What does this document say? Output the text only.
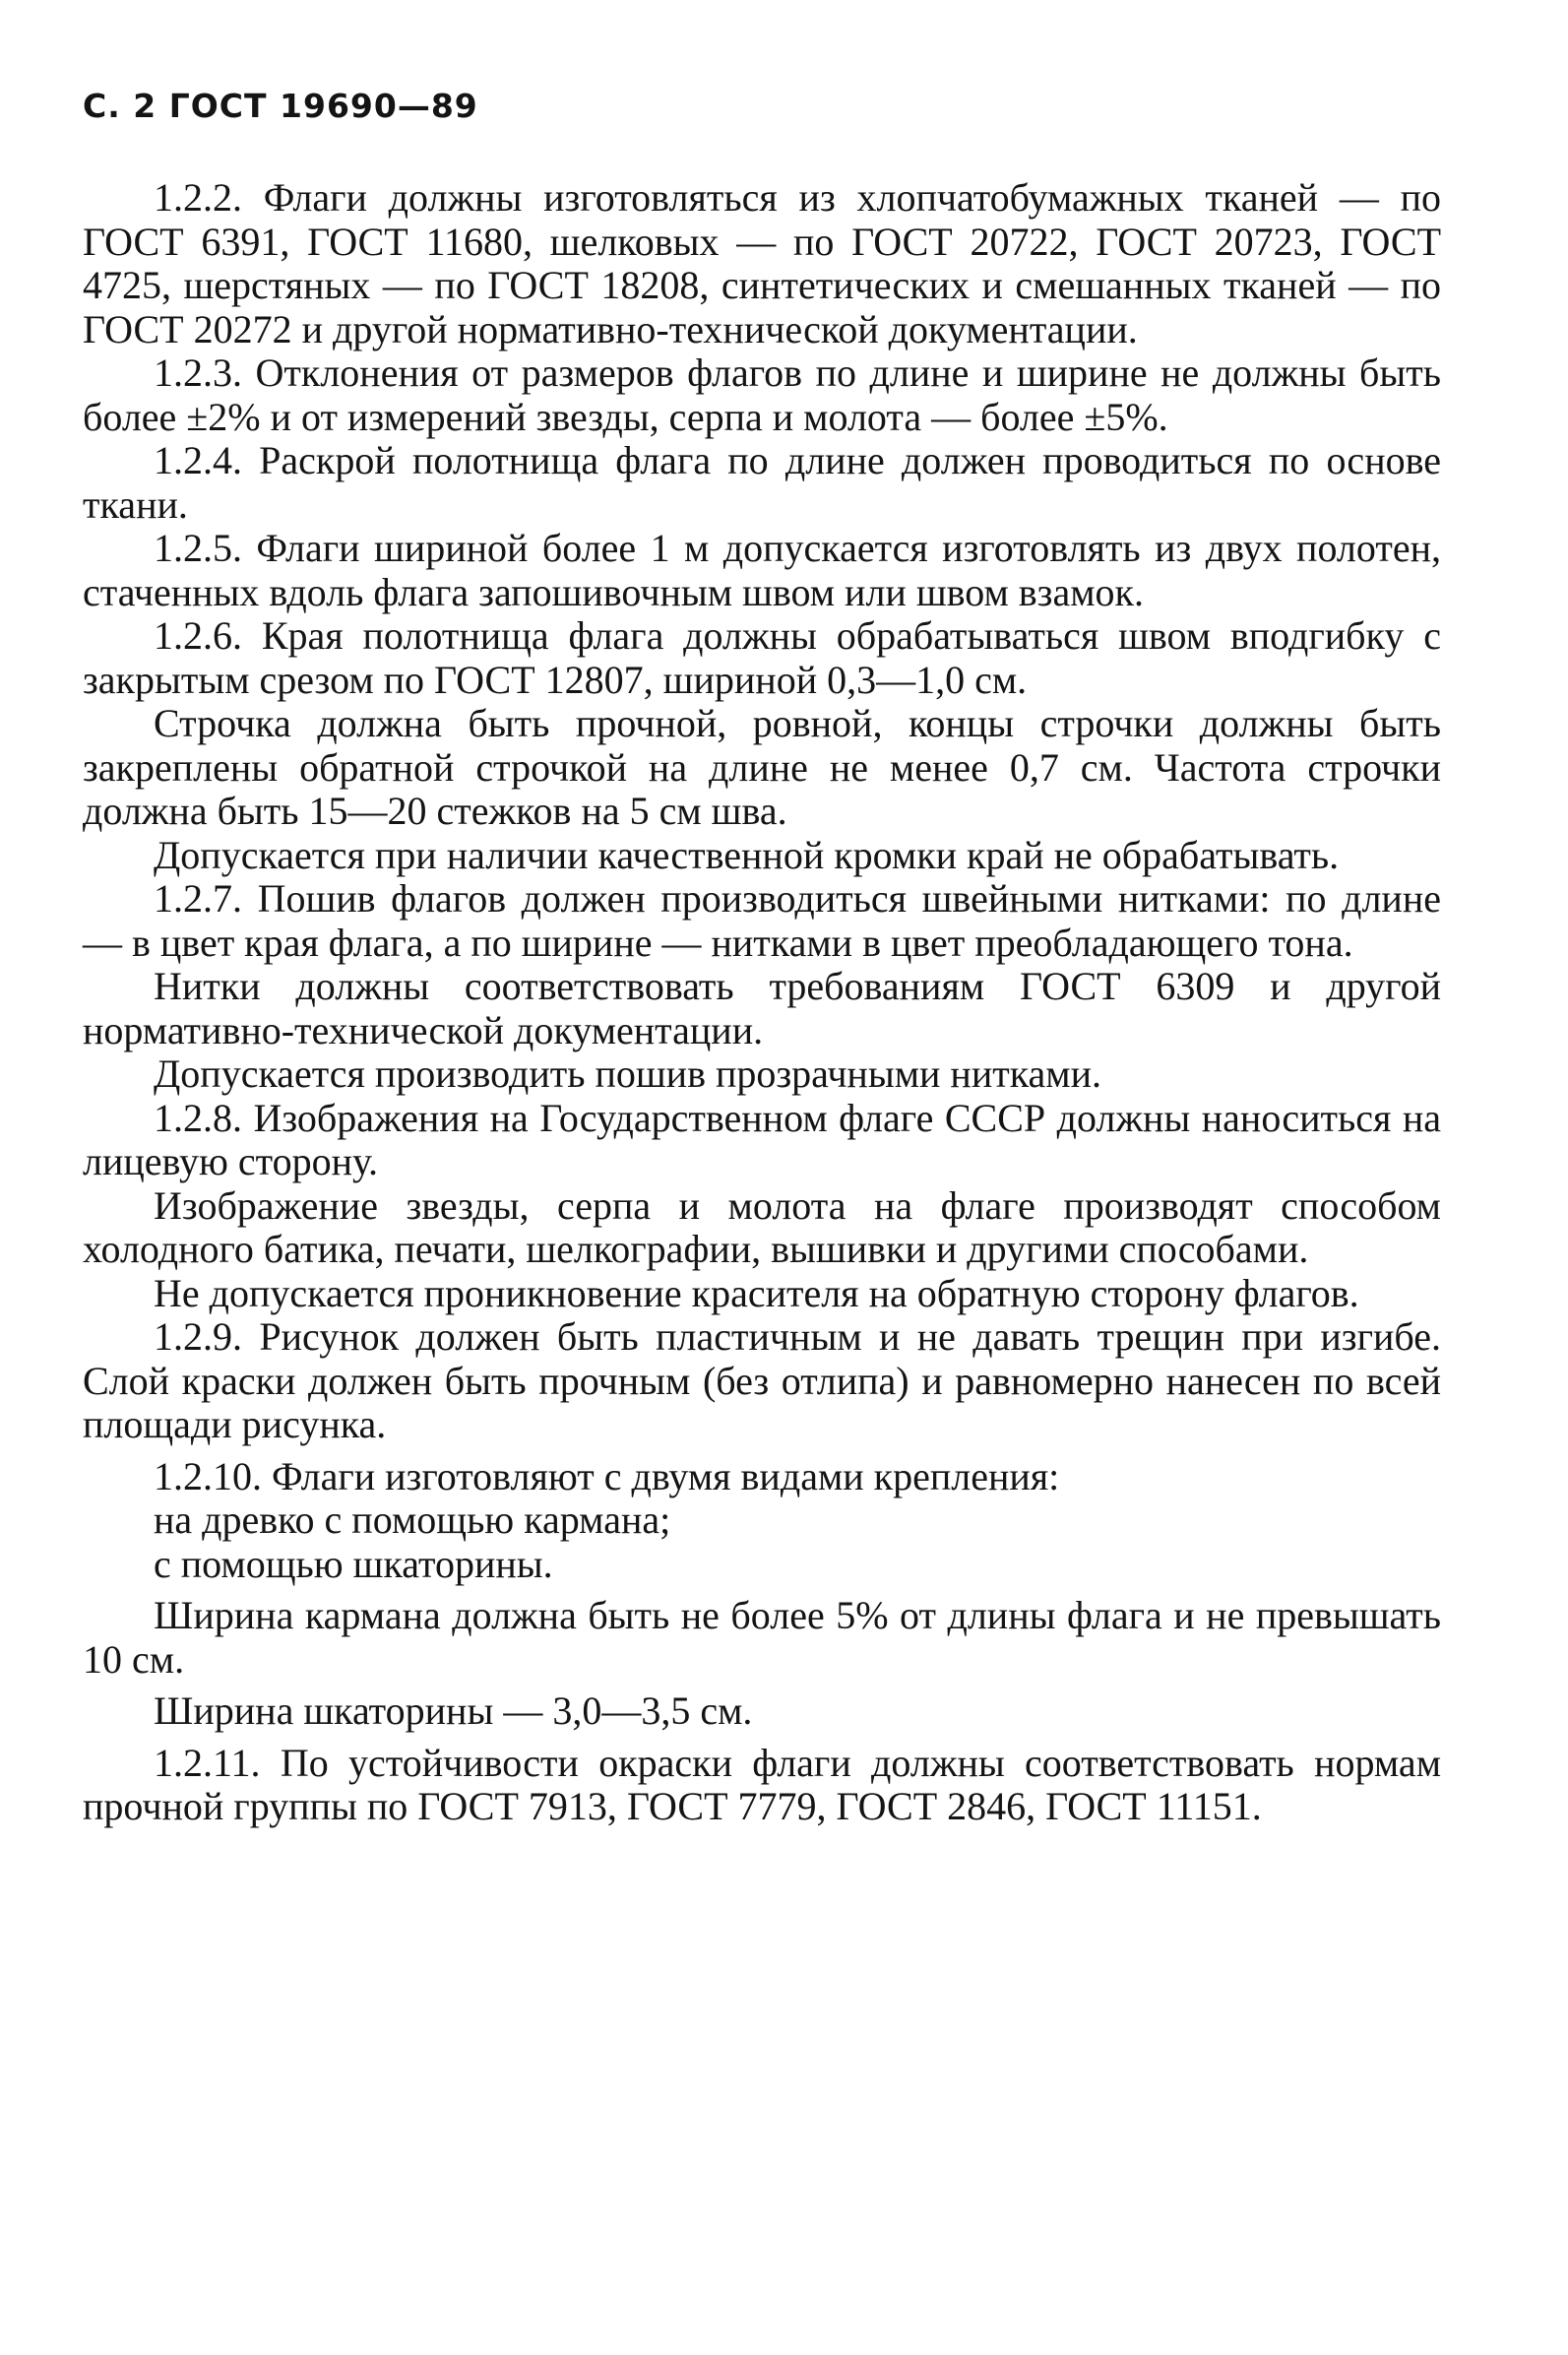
С. 2 ГОСТ 19690—89

1.2.2. Флаги должны изготовляться из хлопчатобумажных тканей — по ГОСТ 6391, ГОСТ 11680, шелковых — по ГОСТ 20722, ГОСТ 20723, ГОСТ 4725, шерстяных — по ГОСТ 18208, синтетических и смешанных тканей — по ГОСТ 20272 и другой нормативно-технической документации.

1.2.3. Отклонения от размеров флагов по длине и ширине не должны быть более ±2% и от измерений звезды, серпа и молота — более ±5%.

1.2.4. Раскрой полотнища флага по длине должен проводиться по основе ткани.

1.2.5. Флаги шириной более 1 м допускается изготовлять из двух полотен, стаченных вдоль флага запошивочным швом или швом взамок.

1.2.6. Края полотнища флага должны обрабатываться швом вподгибку с закрытым срезом по ГОСТ 12807, шириной 0,3—1,0 см.

Строчка должна быть прочной, ровной, концы строчки должны быть закреплены обратной строчкой на длине не менее 0,7 см. Частота строчки должна быть 15—20 стежков на 5 см шва.

Допускается при наличии качественной кромки край не обрабатывать.

1.2.7. Пошив флагов должен производиться швейными нитками: по длине — в цвет края флага, а по ширине — нитками в цвет преобладающего тона.

Нитки должны соответствовать требованиям ГОСТ 6309 и другой нормативно-технической документации.

Допускается производить пошив прозрачными нитками.

1.2.8. Изображения на Государственном флаге СССР должны наноситься на лицевую сторону.

Изображение звезды, серпа и молота на флаге производят способом холодного батика, печати, шелкографии, вышивки и другими способами.

Не допускается проникновение красителя на обратную сторону флагов.

1.2.9. Рисунок должен быть пластичным и не давать трещин при изгибе. Слой краски должен быть прочным (без отлипа) и равномерно нанесен по всей площади рисунка.

1.2.10. Флаги изготовляют с двумя видами крепления:

на древко с помощью кармана;

с помощью шкаторины.

Ширина кармана должна быть не более 5% от длины флага и не превышать 10 см.

Ширина шкаторины — 3,0—3,5 см.

1.2.11. По устойчивости окраски флаги должны соответствовать нормам прочной группы по ГОСТ 7913, ГОСТ 7779, ГОСТ 2846, ГОСТ 11151.
